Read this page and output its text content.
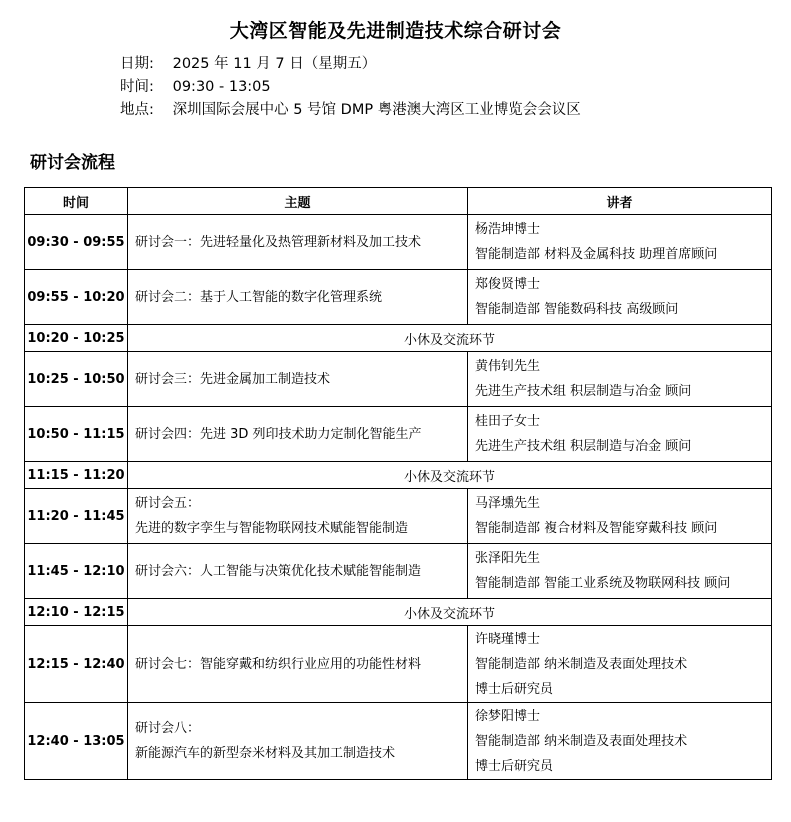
大湾区智能及先进制造技术综合研讨会
日期: 2025 年 11 月 7 日（星期五）
时间: 09:30 - 13:05
地点: 深圳国际会展中心 5 号馆 DMP 粤港澳大湾区工业博览会会议区
研讨会流程
时间	主题	讲者
09:30 - 09:55	研讨会一：先进轻量化及热管理新材料及加工技术	杨浩坤博士
智能制造部 材料及金属科技 助理首席顾问

09:55 - 10:20	研讨会二：基于人工智能的数字化管理系统	郑俊贤博士
智能制造部 智能数码科技 高级顾问

10:20 - 10:25	小休及交流环节	
10:25 - 10:50	研讨会三：先进金属加工制造技术	黄伟钊先生
先进生产技术组 积层制造与冶金 顾问

10:50 - 11:15	研讨会四：先进 3D 列印技术助力定制化智能生产	桂田子女士
先进生产技术组 积层制造与冶金 顾问

11:15 - 11:20	小休及交流环节	
11:20 - 11:45	研讨会五：
先进的数字孪生与智能物联网技术赋能智能制造	马泽壎先生
智能制造部 複合材料及智能穿戴科技 顾问

11:45 - 12:10	研讨会六：人工智能与决策优化技术赋能智能制造	张泽阳先生
智能制造部 智能工业系统及物联网科技 顾问

12:10 - 12:15	小休及交流环节	
12:15 - 12:40	研讨会七：智能穿戴和纺织行业应用的功能性材料	许晓瑾博士
智能制造部 纳米制造及表面处理技术
博士后研究员

12:40 - 13:05	研讨会八：
新能源汽车的新型奈米材料及其加工制造技术	徐梦阳博士
智能制造部 纳米制造及表面处理技术
博士后研究员
